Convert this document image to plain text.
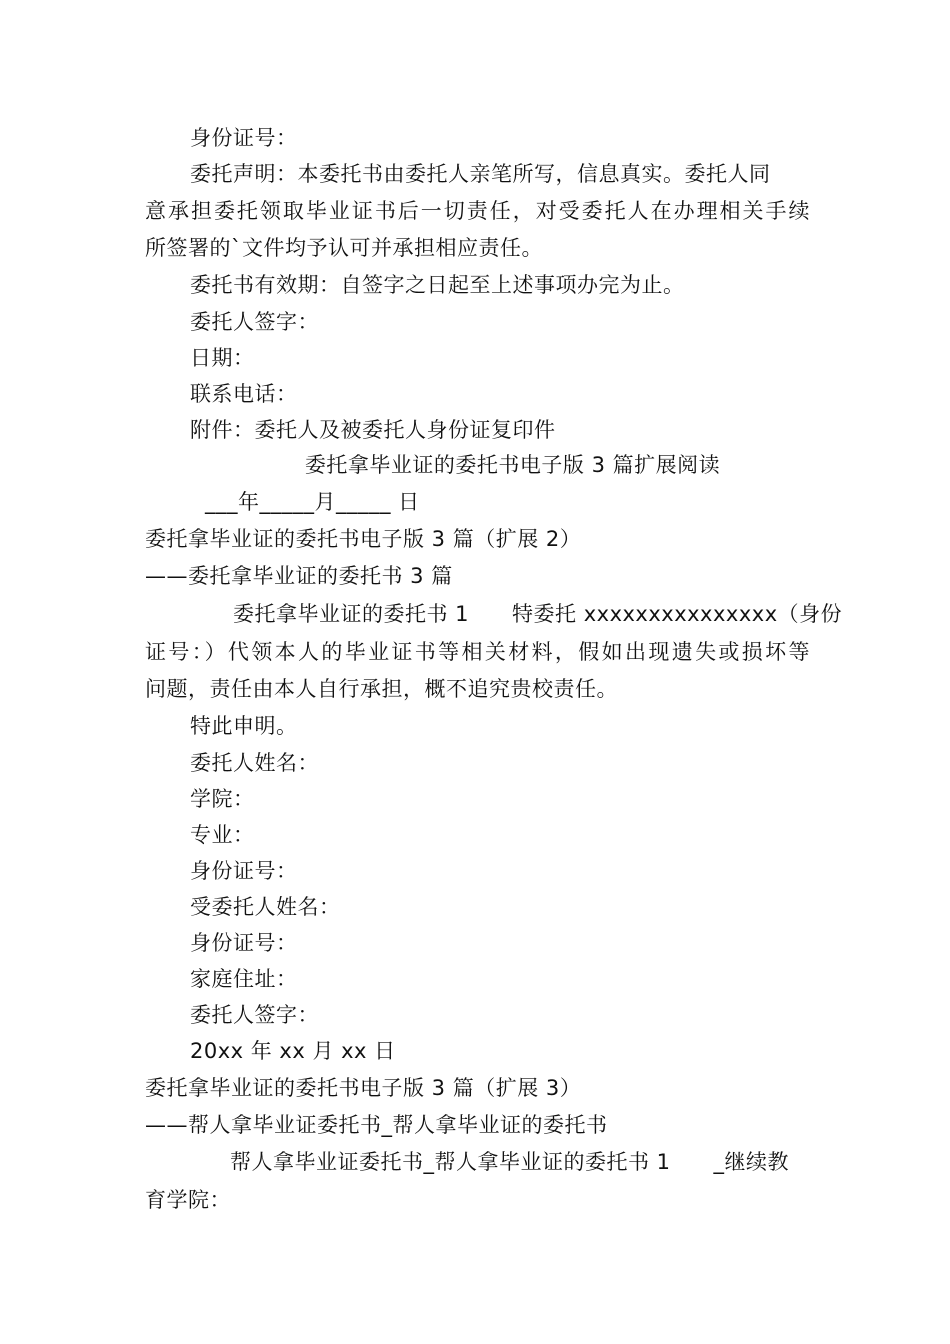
身份证号：
委托声明：本委托书由委托人亲笔所写，信息真实。委托人同
意承担委托领取毕业证书后一切责任，对受委托人在办理相关手续
所签署的`文件均予认可并承担相应责任。
委托书有效期：自签字之日起至上述事项办完为止。
委托人签字：
日期：
联系电话：
附件：委托人及被委托人身份证复印件
委托拿毕业证的委托书电子版 3 篇扩展阅读
___年_____月_____ 日
委托拿毕业证的委托书电子版 3 篇（扩展 2）
——委托拿毕业证的委托书 3 篇
委托拿毕业证的委托书 1　　特委托 xxxxxxxxxxxxxxx（身份
证号：）代领本人的毕业证书等相关材料，假如出现遗失或损坏等
问题，责任由本人自行承担，概不追究贵校责任。
特此申明。
委托人姓名：
学院：
专业：
身份证号：
受委托人姓名：
身份证号：
家庭住址：
委托人签字：
20xx 年 xx 月 xx 日
委托拿毕业证的委托书电子版 3 篇（扩展 3）
——帮人拿毕业证委托书_帮人拿毕业证的委托书
帮人拿毕业证委托书_帮人拿毕业证的委托书 1　　_继续教
育学院：
